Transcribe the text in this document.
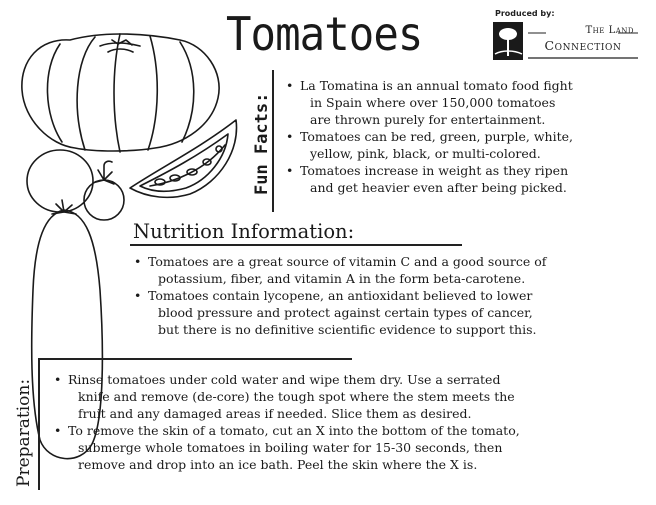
Tomatoes	Produced by:
The Land
Connection
Fun Facts:
• La Tomatina is an annual tomato food fight
in Spain where over 150,000 tomatoes
are thrown purely for entertainment.
• Tomatoes can be red, green, purple, white,
yellow, pink, black, or multi-colored.
• Tomatoes increase in weight as they ripen
and get heavier even after being picked.
Nutrition Information:
• Tomatoes are a great source of vitamin C and a good source of
potassium, fiber, and vitamin A in the form beta-carotene.
• Tomatoes contain lycopene, an antioxidant believed to lower
blood pressure and protect against certain types of cancer,
but there is no definitive scientific evidence to support this.
Preparation:
•	Rinse tomatoes under cold water and wipe them dry. Use a serrated
knife and remove (de-core) the tough spot where the stem meets the
fruit and any damaged areas if needed. Slice them as desired.
• To remove the skin of a tomato, cut an X into the bottom of the tomato,
submerge whole tomatoes in boiling water for 15-30 seconds, then
remove and drop into an ice bath. Peel the skin where the X is.
